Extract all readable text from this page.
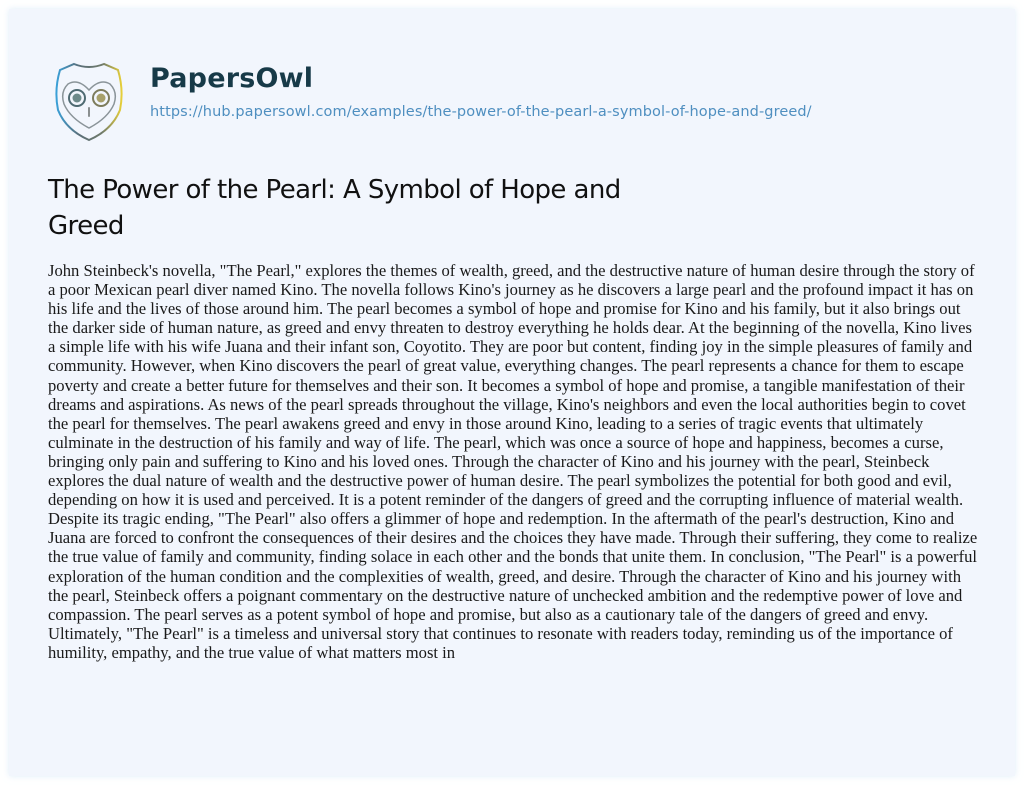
PapersOwl
https://hub.papersowl.com/examples/the-power-of-the-pearl-a-symbol-of-hope-and-greed/
The Power of the Pearl: A Symbol of Hope and Greed

John Steinbeck's novella, "The Pearl," explores the themes of wealth, greed, and the destructive nature of human desire through the story of a poor Mexican pearl diver named Kino. The novella follows Kino's journey as he discovers a large pearl and the profound impact it has on his life and the lives of those around him. The pearl becomes a symbol of hope and promise for Kino and his family, but it also brings out the darker side of human nature, as greed and envy threaten to destroy everything he holds dear. At the beginning of the novella, Kino lives a simple life with his wife Juana and their infant son, Coyotito. They are poor but content, finding joy in the simple pleasures of family and community. However, when Kino discovers the pearl of great value, everything changes. The pearl represents a chance for them to escape poverty and create a better future for themselves and their son. It becomes a symbol of hope and promise, a tangible manifestation of their dreams and aspirations. As news of the pearl spreads throughout the village, Kino's neighbors and even the local authorities begin to covet the pearl for themselves. The pearl awakens greed and envy in those around Kino, leading to a series of tragic events that ultimately culminate in the destruction of his family and way of life. The pearl, which was once a source of hope and happiness, becomes a curse, bringing only pain and suffering to Kino and his loved ones. Through the character of Kino and his journey with the pearl, Steinbeck explores the dual nature of wealth and the destructive power of human desire. The pearl symbolizes the potential for both good and evil, depending on how it is used and perceived. It is a potent reminder of the dangers of greed and the corrupting influence of material wealth. Despite its tragic ending, "The Pearl" also offers a glimmer of hope and redemption. In the aftermath of the pearl's destruction, Kino and Juana are forced to confront the consequences of their desires and the choices they have made. Through their suffering, they come to realize the true value of family and community, finding solace in each other and the bonds that unite them. In conclusion, "The Pearl" is a powerful exploration of the human condition and the complexities of wealth, greed, and desire. Through the character of Kino and his journey with the pearl, Steinbeck offers a poignant commentary on the destructive nature of unchecked ambition and the redemptive power of love and compassion. The pearl serves as a potent symbol of hope and promise, but also as a cautionary tale of the dangers of greed and envy. Ultimately, "The Pearl" is a timeless and universal story that continues to resonate with readers today, reminding us of the importance of humility, empathy, and the true value of what matters most in
